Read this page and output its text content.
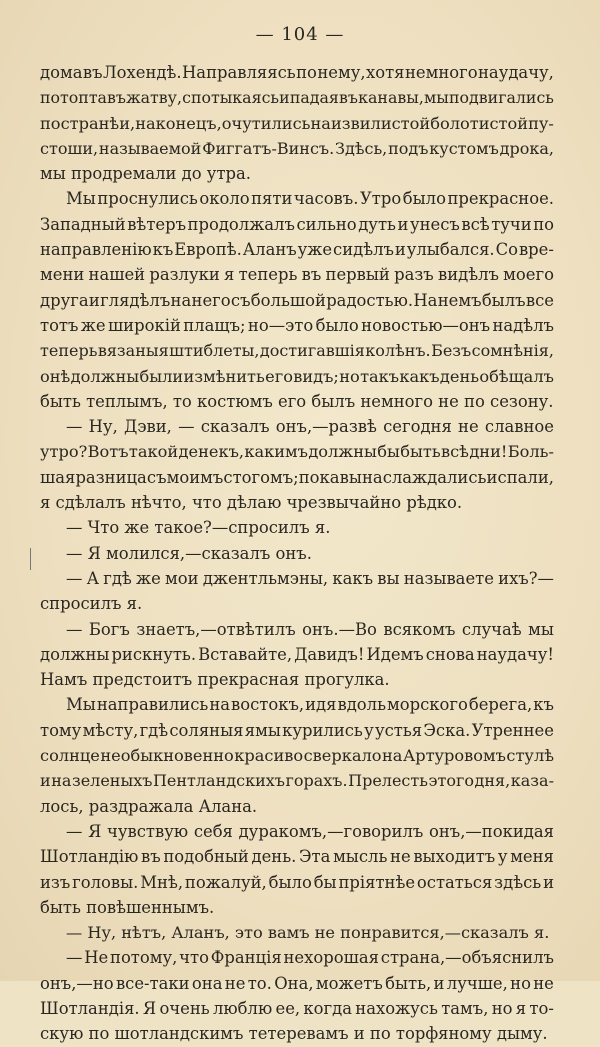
— 104 —
дома въ Лохендѣ. Направляясь по нему, хотя немного наудачу,
потоптавъ жатву, спотыкаясь и падая въ канавы, мы подвигались
по странѣ и, наконецъ, очутились на извилистой болотистой пу-
стоши, называемой Фиггатъ-Винсъ. Здѣсь, подъ кустомъ дрока,
мы продремали до утра.
Мы проснулись около пяти часовъ. Утро было прекрасное.
Западный вѣтеръ продолжалъ сильно дуть и унесъ всѣ тучи по
направленію къ Европѣ. Аланъ уже сидѣлъ и улыбался. Со вре-
мени нашей разлуки я теперь въ первый разъ видѣлъ моего
друга и глядѣлъ на него съ большой радостью. На немъ былъ все
тотъ же широкій плащъ; но—это было новостью—онъ надѣлъ
теперь вязаныя штиблеты, достигавшія колѣнъ. Безъ сомнѣнія,
онѣ должны были измѣнить его видъ; но такъ какъ день обѣщалъ
быть теплымъ, то костюмъ его былъ немного не по сезону.
— Ну, Дэви, — сказалъ онъ,—развѣ сегодня не славное
утро? Вотъ такой денекъ, какимъ должны бы быть всѣ дни! Боль-
шая разница съ моимъ стогомъ; пока вы наслаждались и спали,
я сдѣлалъ нѣчто, что дѣлаю чрезвычайно рѣдко.
— Что же такое?—спросилъ я.
— Я молился,—сказалъ онъ.
— А гдѣ же мои джентльмэны, какъ вы называете ихъ?—
спросилъ я.
— Богъ знаетъ,—отвѣтилъ онъ.—Во всякомъ случаѣ мы
должны рискнуть. Вставайте, Давидъ! Идемъ снова наудачу!
Намъ предстоитъ прекрасная прогулка.
Мы направились на востокъ, идя вдоль морского берега, къ
тому мѣсту, гдѣ соляныя ямы курились у устья Эска. Утреннее
солнце необыкновенно красиво сверкало на Артуровомъ стулѣ
и на зеленыхъ Пентландскихъ горахъ. Прелесть этого дня, каза-
лось, раздражала Алана.
— Я чувствую себя дуракомъ,—говорилъ онъ,—покидая
Шотландію въ подобный день. Эта мысль не выходитъ у меня
изъ головы. Мнѣ, пожалуй, было бы пріятнѣе остаться здѣсь и
быть повѣшеннымъ.
— Ну, нѣтъ, Аланъ, это вамъ не понравится,—сказалъ я.
— Не потому, что Франція нехорошая страна,—объяснилъ
онъ,—но все-таки она не то. Она, можетъ быть, и лучше, но не
Шотландія. Я очень люблю ее, когда нахожусь тамъ, но я то-
скую по шотландскимъ тетеревамъ и по торфяному дыму.
